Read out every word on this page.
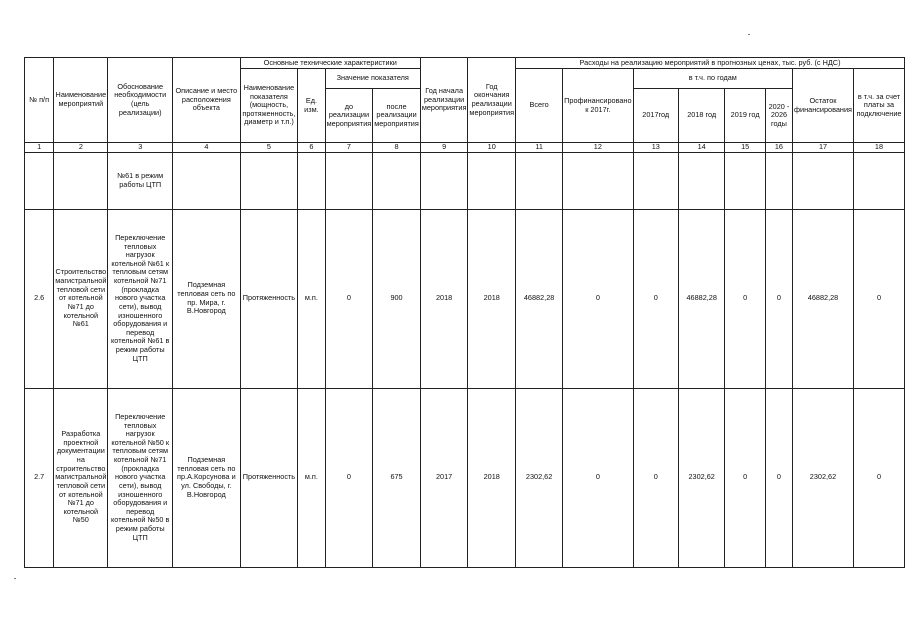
№ п/п	Наименование мероприятий	Обоснование необходимости (цель реализации)	Описание и место расположения объекта	Основные технические характеристики				Год начала реализации мероприятия	Год окончания реализации мероприятия	Расходы на реализацию мероприятий в прогнозных ценах, тыс. руб. (с НДС)							
				Наименование показателя (мощность, протяженность, диаметр и т.п.)	Ед. изм.	Значение показателя				Всего	Профинансировано к 2017г.	в т.ч. по годам				Остаток финансирования	в т.ч. за счет платы за подключение
						до реализации мероприятия	после реализации мероприятия					2017год	2018 год	2019 год	2020 - 2026 годы		
1	2	3	4	5	6	7	8	9	10	11	12	13	14	15	16	17	18
		№61 в режим работы ЦТП															
2.6	Строительство магистральной тепловой сети от котельной №71 до котельной №61	Переключение тепловых нагрузок котельной №61 к тепловым сетям котельной №71 (прокладка нового участка сети), вывод изношенного оборудования и перевод котельной №61 в режим работы ЦТП	Подземная тепловая сеть по пр. Мира, г. В.Новгород	Протяженность	м.п.	0	900	2018	2018	46882,28	0	0	46882,28	0	0	46882,28	0
2.7	Разработка проектной документации на строительство магистральной тепловой сети от котельной №71 до котельной №50	Переключение тепловых нагрузок котельной №50 к тепловым сетям котельной №71 (прокладка нового участка сети), вывод изношенного оборудования и перевод котельной №50 в режим работы ЦТП	Подземная тепловая сеть по пр.А.Корсунова и ул. Свободы, г. В.Новгород	Протяженность	м.п.	0	675	2017	2018	2302,62	0	0	2302,62	0	0	2302,62	0
